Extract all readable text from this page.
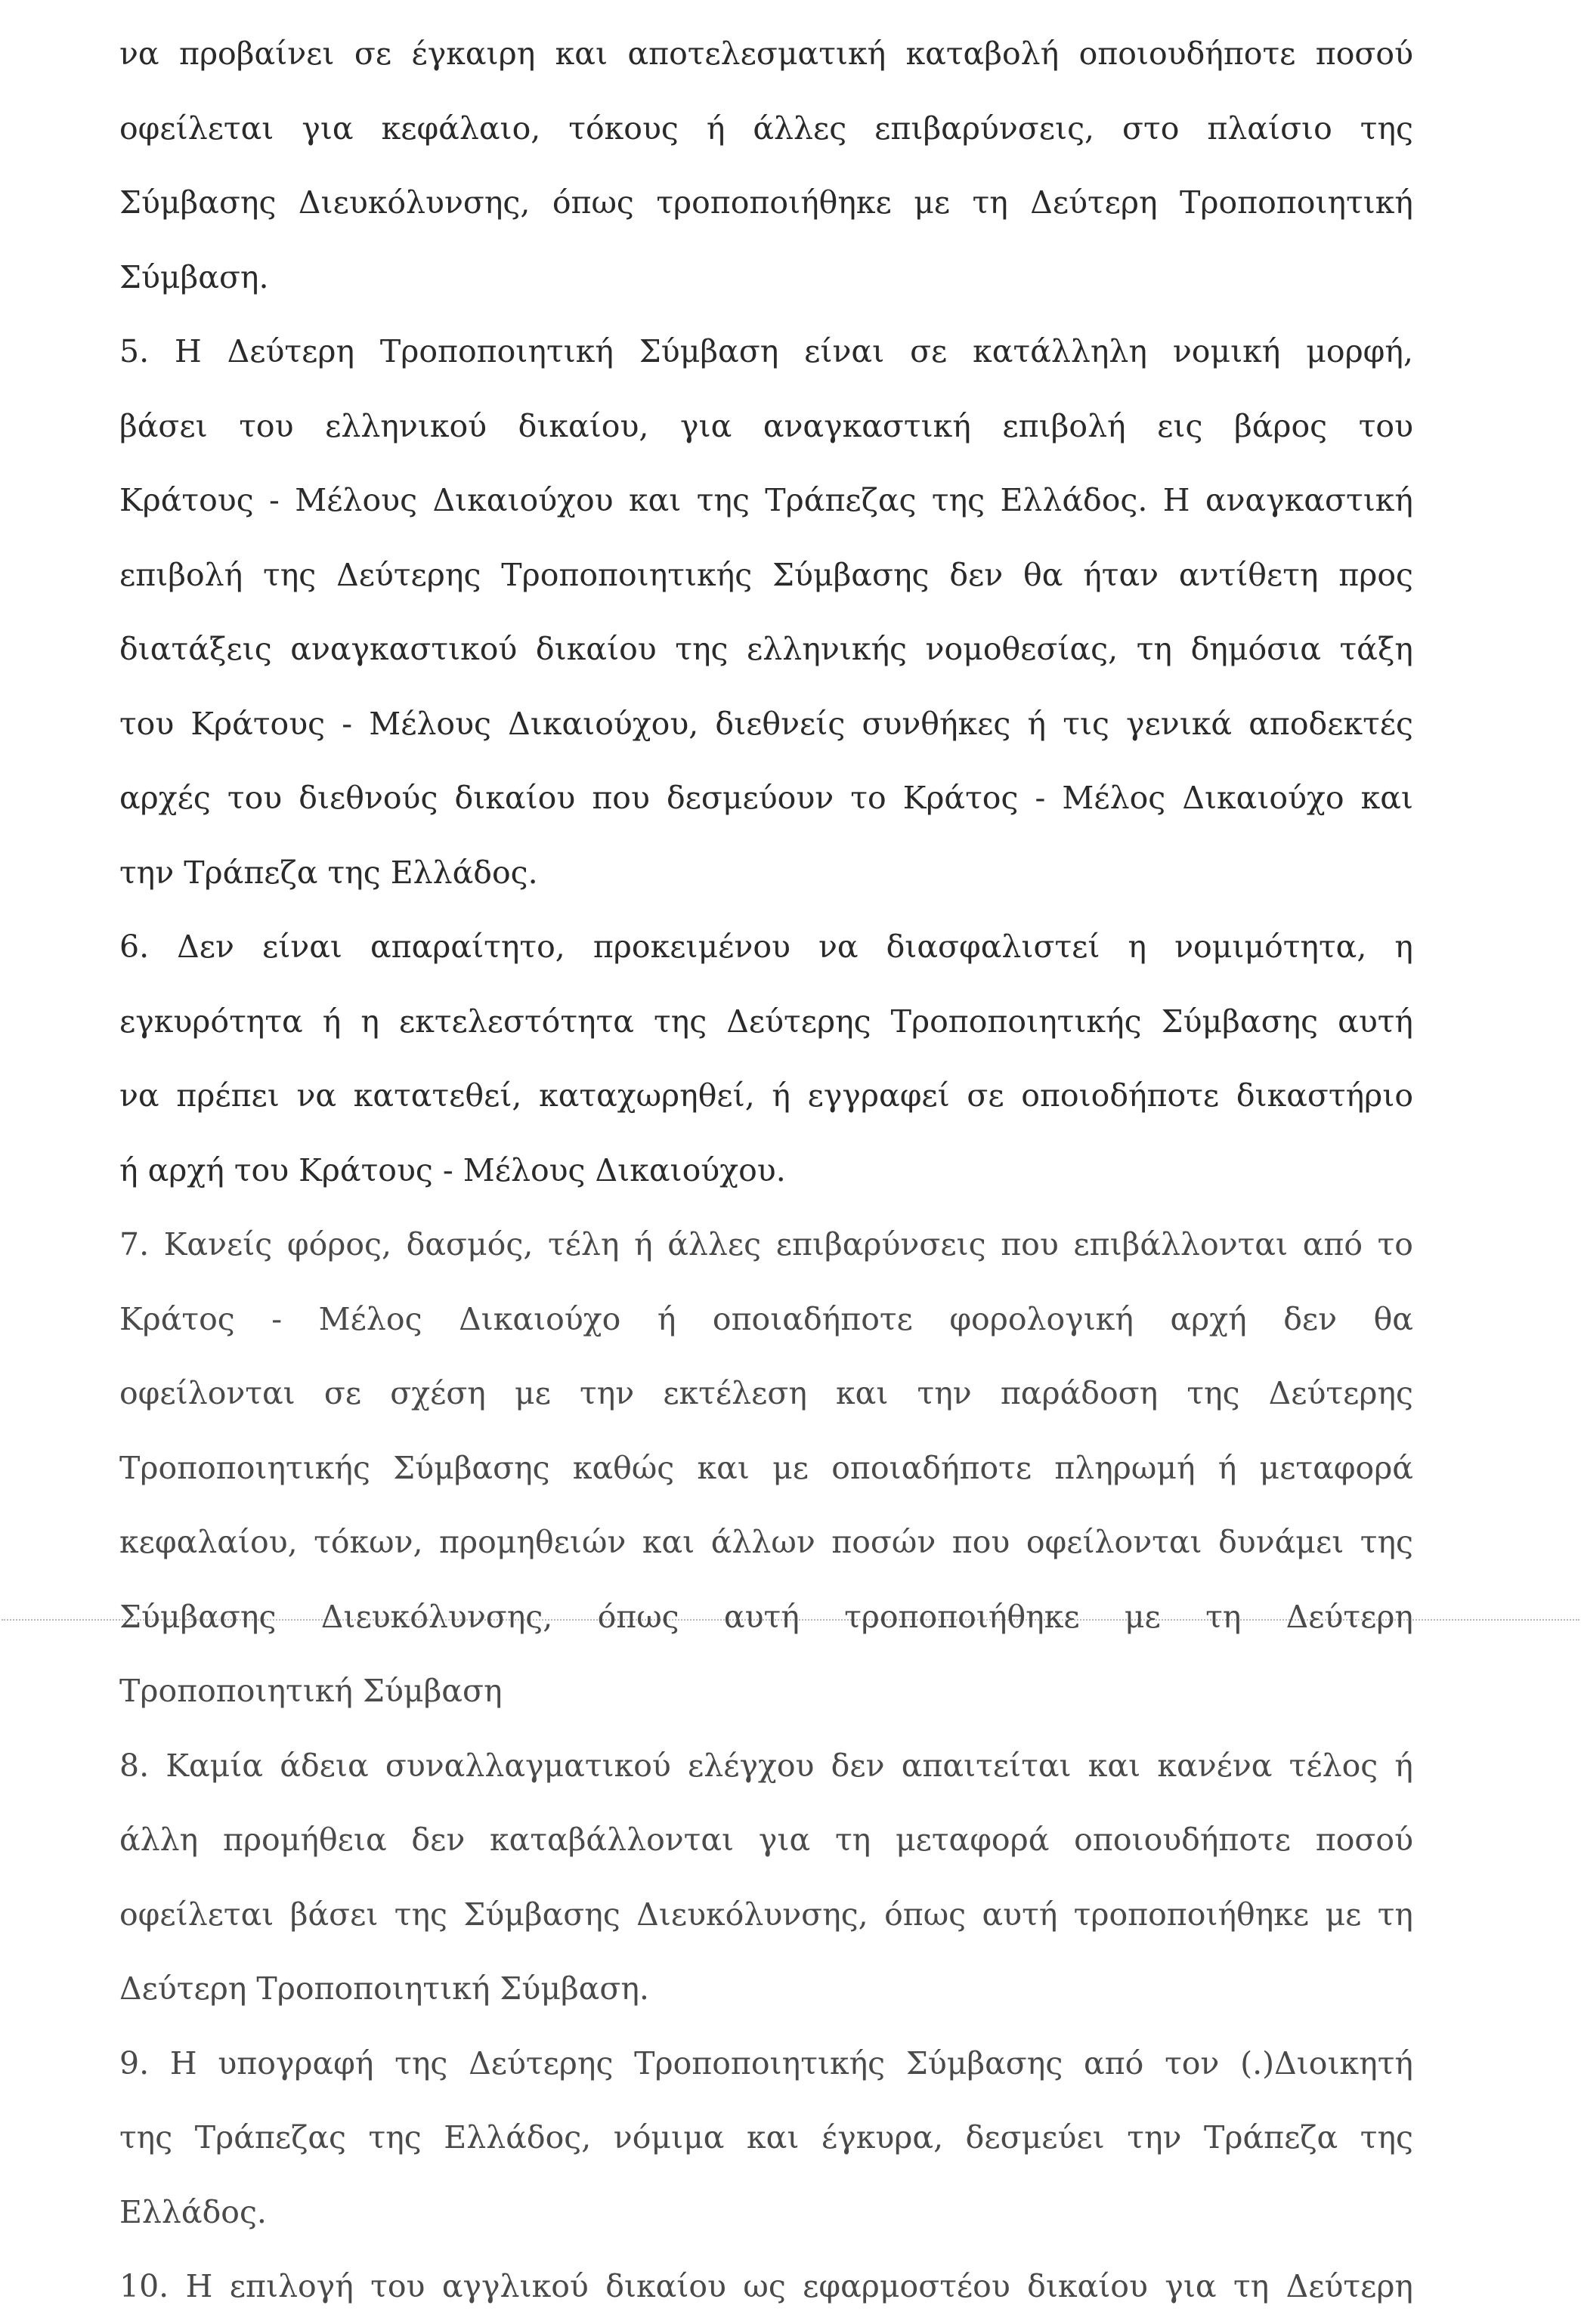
να προβαίνει σε έγκαιρη και αποτελεσματική καταβολή οποιουδήποτε ποσού
οφείλεται για κεφάλαιο, τόκους ή άλλες επιβαρύνσεις, στο πλαίσιο της
Σύμβασης Διευκόλυνσης, όπως τροποποιήθηκε με τη Δεύτερη Τροποποιητική
Σύμβαση.
5. Η Δεύτερη Τροποποιητική Σύμβαση είναι σε κατάλληλη νομική μορφή,
βάσει του ελληνικού δικαίου, για αναγκαστική επιβολή εις βάρος του
Κράτους - Μέλους Δικαιούχου και της Τράπεζας της Ελλάδος. Η αναγκαστική
επιβολή της Δεύτερης Τροποποιητικής Σύμβασης δεν θα ήταν αντίθετη προς
διατάξεις αναγκαστικού δικαίου της ελληνικής νομοθεσίας, τη δημόσια τάξη
του Κράτους - Μέλους Δικαιούχου, διεθνείς συνθήκες ή τις γενικά αποδεκτές
αρχές του διεθνούς δικαίου που δεσμεύουν το Κράτος - Μέλος Δικαιούχο και
την Τράπεζα της Ελλάδος.
6. Δεν είναι απαραίτητο, προκειμένου να διασφαλιστεί η νομιμότητα, η
εγκυρότητα ή η εκτελεστότητα της Δεύτερης Τροποποιητικής Σύμβασης αυτή
να πρέπει να κατατεθεί, καταχωρηθεί, ή εγγραφεί σε οποιοδήποτε δικαστήριο
ή αρχή του Κράτους - Μέλους Δικαιούχου.
7. Κανείς φόρος, δασμός, τέλη ή άλλες επιβαρύνσεις που επιβάλλονται από το
Κράτος - Μέλος Δικαιούχο ή οποιαδήποτε φορολογική αρχή δεν θα
οφείλονται σε σχέση με την εκτέλεση και την παράδοση της Δεύτερης
Τροποποιητικής Σύμβασης καθώς και με οποιαδήποτε πληρωμή ή μεταφορά
κεφαλαίου, τόκων, προμηθειών και άλλων ποσών που οφείλονται δυνάμει της
Σύμβασης Διευκόλυνσης, όπως αυτή τροποποιήθηκε με τη Δεύτερη
Τροποποιητική Σύμβαση
8. Καμία άδεια συναλλαγματικού ελέγχου δεν απαιτείται και κανένα τέλος ή
άλλη προμήθεια δεν καταβάλλονται για τη μεταφορά οποιουδήποτε ποσού
οφείλεται βάσει της Σύμβασης Διευκόλυνσης, όπως αυτή τροποποιήθηκε με τη
Δεύτερη Τροποποιητική Σύμβαση.
9. Η υπογραφή της Δεύτερης Τροποποιητικής Σύμβασης από τον (.)Διοικητή
της Τράπεζας της Ελλάδος, νόμιμα και έγκυρα, δεσμεύει την Τράπεζα της
Ελλάδος.
10. Η επιλογή του αγγλικού δικαίου ως εφαρμοστέου δικαίου για τη Δεύτερη
